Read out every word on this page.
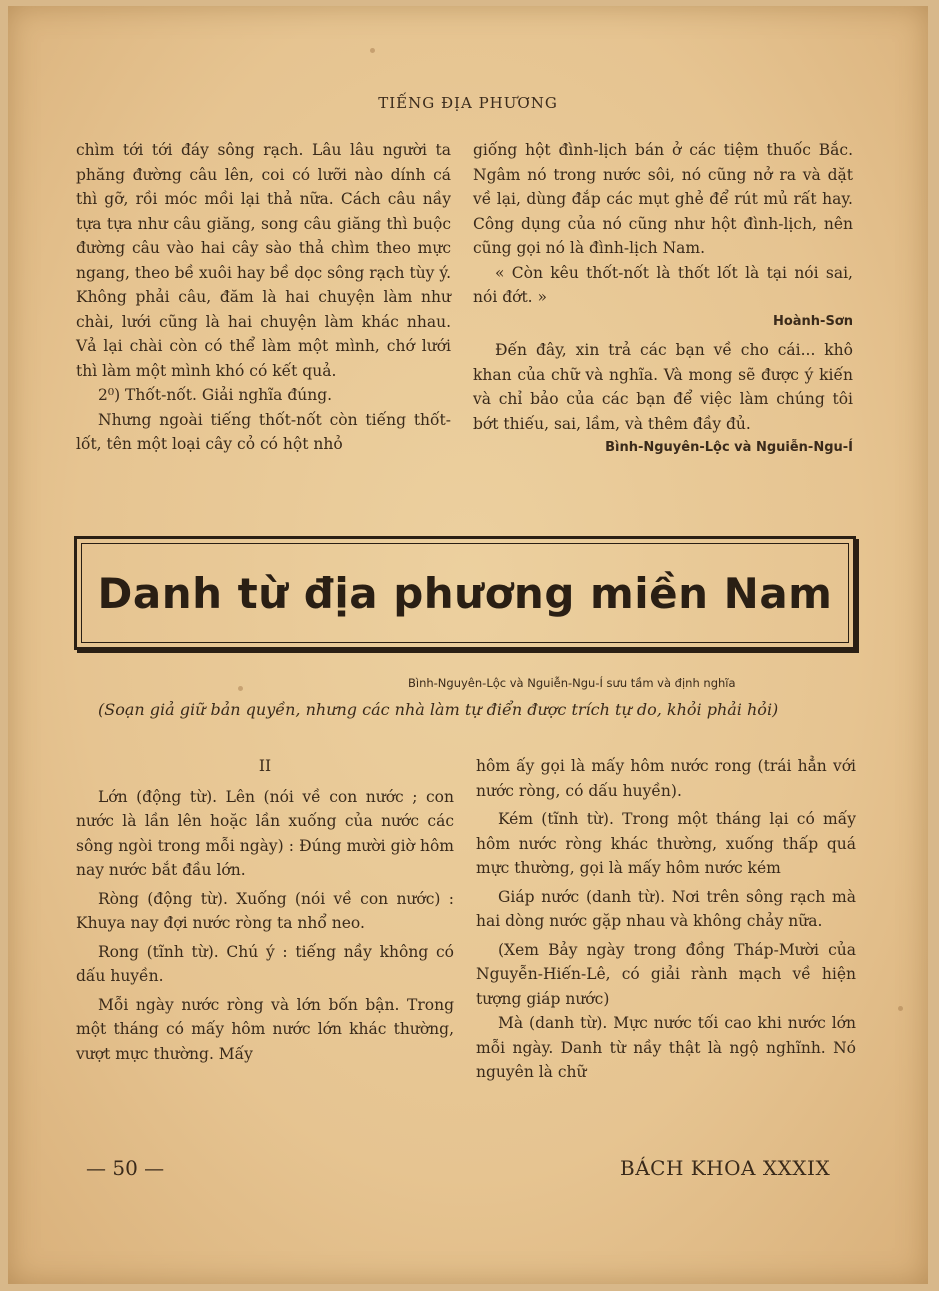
TIẾNG ĐỊA PHƯƠNG

chìm tới tới đáy sông rạch. Lâu lâu người ta phăng đường câu lên, coi có lưỡi nào dính cá thì gỡ, rồi móc mồi lại thả nữa. Cách câu nầy tựa tựa như câu giăng, song câu giăng thì buộc đường câu vào hai cây sào thả chìm theo mực ngang, theo bề xuôi hay bề dọc sông rạch tùy ý. Không phải câu, đăm là hai chuyện làm như chài, lưới cũng là hai chuyện làm khác nhau. Vả lại chài còn có thể làm một mình, chớ lưới thì làm một mình khó có kết quả.

2⁰) Thốt-nốt. Giải nghĩa đúng.

Nhưng ngoài tiếng thốt-nốt còn tiếng thốt-lốt, tên một loại cây cỏ có hột nhỏ

giống hột đình-lịch bán ở các tiệm thuốc Bắc. Ngâm nó trong nước sôi, nó cũng nở ra và dặt về lại, dùng đắp các mụt ghẻ để rút mủ rất hay. Công dụng của nó cũng như hột đình-lịch, nên cũng gọi nó là đình-lịch Nam.

« Còn kêu thốt-nốt là thốt lốt là tại nói sai, nói đớt. »

Hoành-Sơn

Đến đây, xin trả các bạn về cho cái... khô khan của chữ và nghĩa. Và mong sẽ được ý kiến và chỉ bảo của các bạn để việc làm chúng tôi bớt thiếu, sai, lầm, và thêm đầy đủ.

Bình-Nguyên-Lộc và Nguiễn-Ngu-Í

Danh từ địa phương miền Nam
Bình-Nguyên-Lộc và Nguiễn-Ngu-Í sưu tầm và định nghĩa
(Soạn giả giữ bản quyền, nhưng các nhà làm tự điển được trích tự do, khỏi phải hỏi)

II

Lớn (động từ). Lên (nói về con nước ; con nước là lần lên hoặc lần xuống của nước các sông ngòi trong mỗi ngày) : Đúng mười giờ hôm nay nước bắt đầu lớn.

Ròng (động từ). Xuống (nói về con nước) : Khuya nay đợi nước ròng ta nhổ neo.

Rong (tĩnh từ). Chú ý : tiếng nầy không có dấu huyền.

Mỗi ngày nước ròng và lớn bốn bận. Trong một tháng có mấy hôm nước lớn khác thường, vượt mực thường. Mấy

hôm ấy gọi là mấy hôm nước rong (trái hẳn với nước ròng, có dấu huyền).

Kém (tĩnh từ). Trong một tháng lại có mấy hôm nước ròng khác thường, xuống thấp quá mực thường, gọi là mấy hôm nước kém

Giáp nước (danh từ). Nơi trên sông rạch mà hai dòng nước gặp nhau và không chảy nữa.

(Xem Bảy ngày trong đồng Tháp-Mười của Nguyễn-Hiến-Lê, có giải rành mạch về hiện tượng giáp nước)

Mà (danh từ). Mực nước tối cao khi nước lớn mỗi ngày. Danh từ nầy thật là ngộ nghĩnh. Nó nguyên là chữ

— 50 —	BÁCH KHOA XXXIX
